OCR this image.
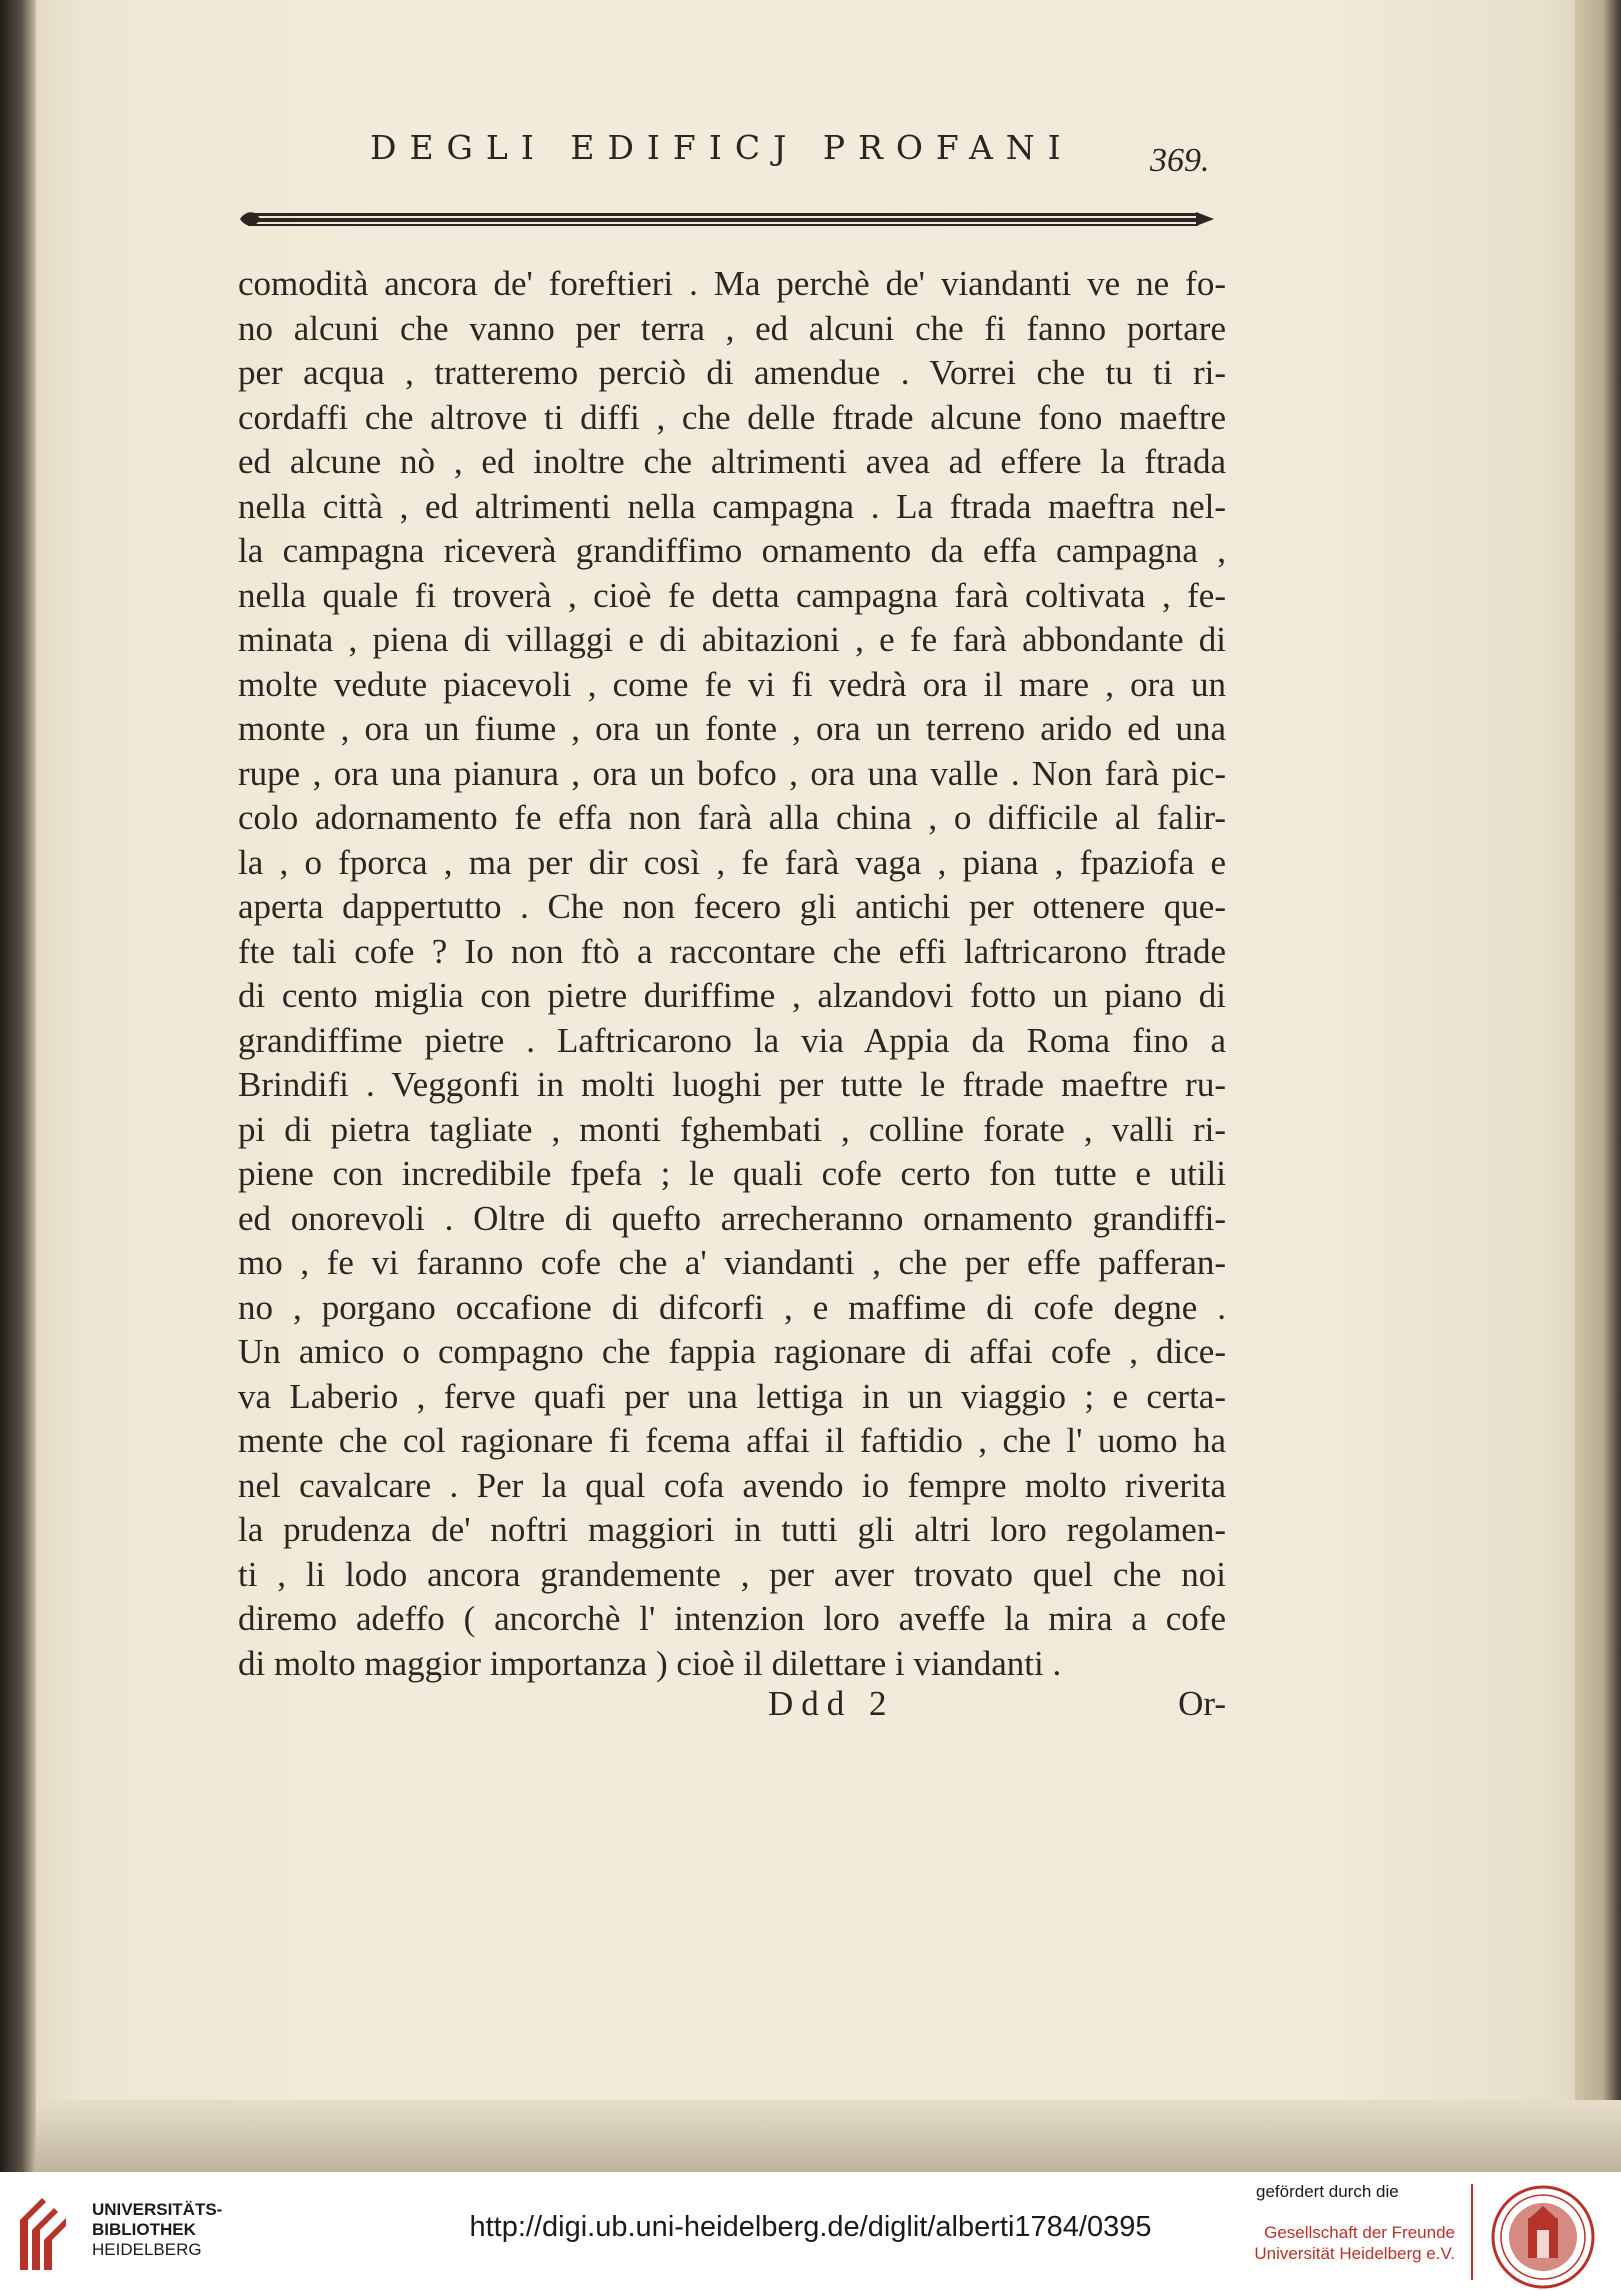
DEGLI EDIFICJ PROFANI	369.
comodità ancora de' foreftieri . Ma perchè de' viandanti ve ne fo-
no alcuni che vanno per terra , ed alcuni che fi fanno portare
per acqua , tratteremo perciò di amendue . Vorrei che tu ti ri-
cordaffi che altrove ti diffi , che delle ftrade alcune fono maeftre
ed alcune nò , ed inoltre che altrimenti avea ad effere la ftrada
nella città , ed altrimenti nella campagna . La ftrada maeftra nel-
la campagna riceverà grandiffimo ornamento da effa campagna ,
nella quale fi troverà , cioè fe detta campagna farà coltivata , fe-
minata , piena di villaggi e di abitazioni , e fe farà abbondante di
molte vedute piacevoli , come fe vi fi vedrà ora il mare , ora un
monte , ora un fiume , ora un fonte , ora un terreno arido ed una
rupe , ora una pianura , ora un bofco , ora una valle . Non farà pic-
colo adornamento fe effa non farà alla china , o difficile al falir-
la , o fporca , ma per dir così , fe farà vaga , piana , fpaziofa e
aperta dappertutto . Che non fecero gli antichi per ottenere que-
fte tali cofe ? Io non ftò a raccontare che effi laftricarono ftrade
di cento miglia con pietre duriffime , alzandovi fotto un piano di
grandiffime pietre . Laftricarono la via Appia da Roma fino a
Brindifi . Veggonfi in molti luoghi per tutte le ftrade maeftre ru-
pi di pietra tagliate , monti fghembati , colline forate , valli ri-
piene con incredibile fpefa ; le quali cofe certo fon tutte e utili
ed onorevoli . Oltre di quefto arrecheranno ornamento grandiffi-
mo , fe vi faranno cofe che a' viandanti , che per effe pafferan-
no , porgano occafione di difcorfi , e maffime di cofe degne .
Un amico o compagno che fappia ragionare di affai cofe , dice-
va Laberio , ferve quafi per una lettiga in un viaggio ; e certa-
mente che col ragionare fi fcema affai il faftidio , che l' uomo ha
nel cavalcare . Per la qual cofa avendo io fempre molto riverita
la prudenza de' noftri maggiori in tutti gli altri loro regolamen-
ti , li lodo ancora grandemente , per aver trovato quel che noi
diremo adeffo ( ancorchè l' intenzion loro aveffe la mira a cofe
di molto maggior importanza ) cioè il dilettare i viandanti .
Ddd 2	Or-
UNIVERSITÄTS-
BIBLIOTHEK
HEIDELBERG
http://digi.ub.uni-heidelberg.de/diglit/alberti1784/0395
gefördert durch die
Gesellschaft der Freunde
Universität Heidelberg e.V.
